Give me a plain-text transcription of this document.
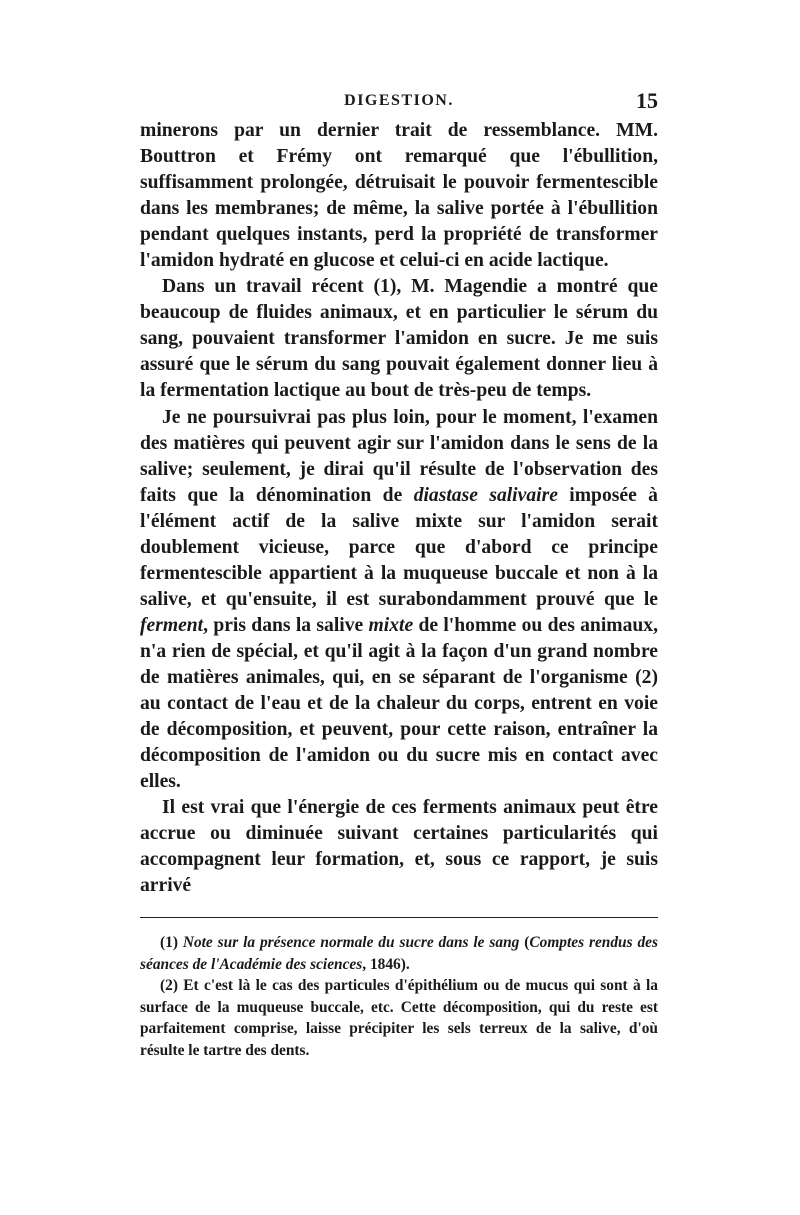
DIGESTION.	15

minerons par un dernier trait de ressemblance. MM. Bouttron et Frémy ont remarqué que l'ébullition, suffisamment prolongée, détruisait le pouvoir fermentescible dans les membranes; de même, la salive portée à l'ébullition pendant quelques instants, perd la propriété de transformer l'amidon hydraté en glucose et celui-ci en acide lactique.

Dans un travail récent (1), M. Magendie a montré que beaucoup de fluides animaux, et en particulier le sérum du sang, pouvaient transformer l'amidon en sucre. Je me suis assuré que le sérum du sang pouvait également donner lieu à la fermentation lactique au bout de très-peu de temps.

Je ne poursuivrai pas plus loin, pour le moment, l'examen des matières qui peuvent agir sur l'amidon dans le sens de la salive; seulement, je dirai qu'il résulte de l'observation des faits que la dénomination de diastase salivaire imposée à l'élément actif de la salive mixte sur l'amidon serait doublement vicieuse, parce que d'abord ce principe fermentescible appartient à la muqueuse buccale et non à la salive, et qu'ensuite, il est surabondamment prouvé que le ferment, pris dans la salive mixte de l'homme ou des animaux, n'a rien de spécial, et qu'il agit à la façon d'un grand nombre de matières animales, qui, en se séparant de l'organisme (2) au contact de l'eau et de la chaleur du corps, entrent en voie de décomposition, et peuvent, pour cette raison, entraîner la décomposition de l'amidon ou du sucre mis en contact avec elles.

Il est vrai que l'énergie de ces ferments animaux peut être accrue ou diminuée suivant certaines particularités qui accompagnent leur formation, et, sous ce rapport, je suis arrivé

(1) Note sur la présence normale du sucre dans le sang (Comptes rendus des séances de l'Académie des sciences, 1846).

(2) Et c'est là le cas des particules d'épithélium ou de mucus qui sont à la surface de la muqueuse buccale, etc. Cette décomposition, qui du reste est parfaitement comprise, laisse précipiter les sels terreux de la salive, d'où résulte le tartre des dents.
